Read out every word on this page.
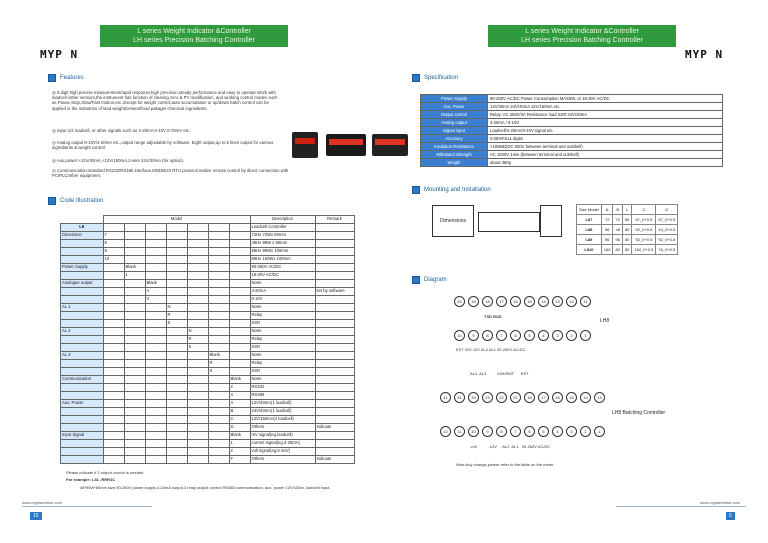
L series Weight Indicator &Controller
LH series Precision Batching Controller
MYP N
L series Weight Indicator &Controller
LH series Precision Batching Controller
MYP N
Features
◎ 8 digit high precise measurement/rapid response,high precision,steady performance and easy to operate.Work with loadcell /other sensors,the instrument has function of clearing zero & PV modification, and working control modes such as Pause,Stop,Slow/Fast motion,etc.,Except for weight control,auto accumulation or up/down batch control can be applied in the industries of land weight/cement/food pakage/ chemical ingredients.
◎ Input 1/4 loadcell, or other signals such as 4-20mA 0-10V 0-75mV etc..
◎ Analog output 0-10V/4-20mA etc.,output range adjustable by software. Eight output,up to 8 lines output for various ingredients & weight control.
◎ Aux.power:+12V/40mA,+12V/150mA,2-wire 24V/30mA (for option).
◎ Communication:standard RS232/RS485 interface,MODBUS RTU protocol,realize remote control by direct connection with PC/PLC/other equipment.
Code Illustration
	Model							Description	Remark
L8								Loadcell Controller	
Dimension	7							72Hx 72Wx 80mm	
	8							48Hx 96W x 80mm	
	9							96Hx 96Wx 100mm	
	10							80Hx 160Wx 100mm	
Power Supply		Blank						90-260V AC/DC	
		1						18-30V AC/DC	
Analogue output			Blank					None	
			A					4-20mA	set by software
			V					0-10V	
AL 1				N				None	
				R				Relay	
				S				SSR	
AL 2					N			None	
					R			Relay	
					S			SSR	
AL 3						Blank		None	
						R		Relay	
						S		SSR	
Communication							Blank	None	
							2	RS232	
							4	RS485	
Aux. Power							A	12V/40mA(1 loadcell)	
							B	24V/40mA(1 loadcell)	
							C	12V/150mA(4 loadcell)	
							D	Others	Indicate
Input Signal							Blank	mV signal(eg.loadcell)	
							1	current signal(eg.4-20mA)	
							2	volt signal(eg.0-10V)	
							F	Others	Indicate
Please indicate if 3 output control is needed
For example: L81 -RRR4C
48*96W*80mm size,90-260V power supply,4-20mA output,3 relay output control,RS485 communication, aux. power 12V/150m, loadcell input.
www.myplantdme.com
15
Specification
Power Supply	90-260V AC/DC Power Consumption MAX6W, or 18-30V AC/DC
Aux. Power	12V/40mA 24V/40mA 12V/150mA etc.
Output control	Relay: AC 250V/3A Resistance load SSR:24V/30mA
Analog output	4-20mA / 0-10V
Signal input	Loadcell/4-20mA/0-10V signal etc.
Accuracy	0.05%FS±1 digits
Insulation Resistance	>100MΩ(DC 500V between terminal and outshell)
Withstand Strength	AC 1500V 1min (between terminal and outshell)
Weight	about 350g
Mounting and Installation
Dimensions
Size Model	A	B	L	C	D
L87	72	72	80	67_0+0.5	67_0+0.5
L88	96	48	80	92_0+0.5	44_0+0.5
L89	96	96	80	92_0+0.5	92_0+0.5
L810	160	80	80	152_0+0.5	76_0+0.5
Diagram
20	19	18	17	16	15	14	13	12	11
TXD RXD
LH8
10	9	8	7	6	5	4	3	2	1
EXT SIG 12V AL2 AL1 90-260V AC/DC
AL4  AL3          KIM/SMT      RST
41	31	33	23	22	21	18	17	16	15	14	13
LH8 Batching Controller
12	11	10	9	8	7	6	5	4	3	2	1
-mV          -12V     AL2  AL1   90-260V AC/DC
Note:Any change,please refer to the table on the meter.
www.myplantdme.com
5
